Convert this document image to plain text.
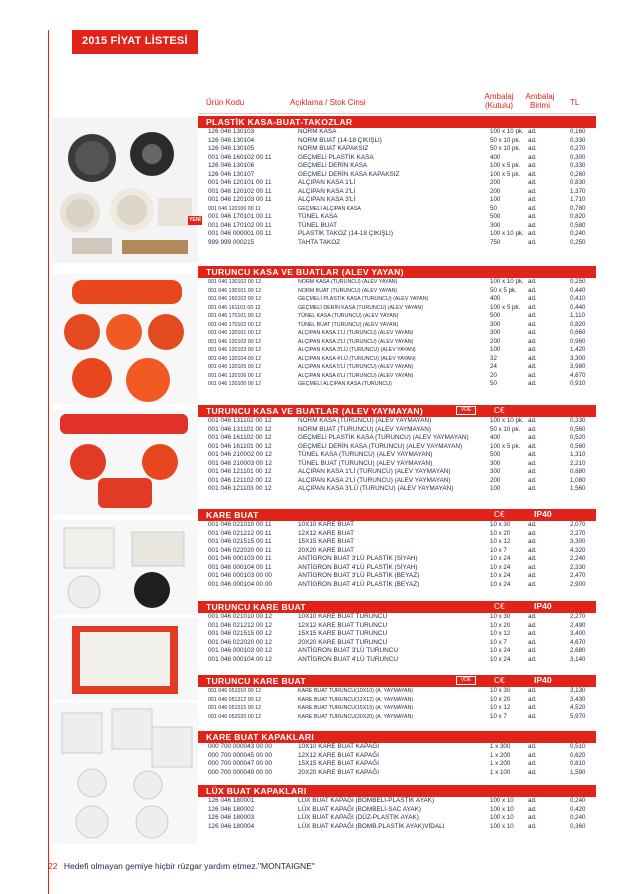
2015 FİYAT LİSTESİ
Ürün Kodu	Açıklama / Stok Cinsi
Ambalaj (Kutulu)
Ambalaj Birimi	TL
YENİ
PLASTİK KASA-BUAT-TAKOZLAR
126 046 130103	NORM KASA	100 x 10 pk. ad.	0,160
126 046 130104	NORM BUAT (14-18 ÇIKIŞLI)	50 x 10 pk. ad.	0,330
126 046 130105	NORM BUAT KAPAKSIZ	50 x 10 pk. ad.	0,270
001 046 160102 00 11	GEÇMELİ PLASTİK KASA	400	ad.	0,300
126 046 130106	GEÇMELİ DERİN KASA	100 x 5 pk. ad.	0,330
126 046 130107	GEÇMELİ DERİN KASA KAPAKSIZ	100 x 5 pk. ad.	0,260
001 046 120101 00 11	ALÇIPAN KASA 1'Lİ	200	ad.	0,830
001 046 120102 00 11	ALÇIPAN KASA 2'Lİ	200	ad.	1,370
001 046 120103 00 11	ALÇIPAN KASA 3'Lİ	100	ad.	1,710
001 046 120100 00 11	GEÇMELİ ALÇIPAN KASA	50	ad.	0,780
001 046 170101 00 11	TÜNEL KASA	500	ad.	0,820
001 046 170102 00 11	TÜNEL BUAT	300	ad.	0,580
001 046 000001 00 11	PLASTİK TAKOZ (14-18 ÇIKIŞLI)	100 x 10 pk. ad.	0,240
999 999 000215	TAHTA TAKOZ	750	ad.	0,250
TURUNCU KASA VE BUATLAR (ALEV YAYAN)
001 046 130102 00 12	NORM KASA (TURUNCU) (ALEV YAYAN)	100 x 10 pk. ad.	0,250
001 046 130101 00 12	NORM BUAT (TURUNCU) (ALEV YAYAN)	50 x 5 pk. ad.	0,440
001 046 160102 00 12	GEÇMELİ PLASTİK KASA (TURUNCU) (ALEV YAYAN)	400	ad.	0,410
001 046 161101 00 12	GEÇMELİ DERİN KASA (TURUNCU) (ALEV YAYAN)	100 x 5 pk. ad.	0,440
001 046 170101 00 12	TÜNEL KASA (TURUNCU) (ALEV YAYAN)	500	ad.	1,110
001 046 170102 00 12	TÜNEL BUAT (TURUNCU) (ALEV YAYAN)	300	ad.	0,820
001 046 120101 00 12	ALÇIPAN KASA 1'Lİ (TURUNCU) (ALEV YAYAN)	300	ad.	0,660
001 046 120102 00 12	ALÇIPAN KASA 2'Lİ (TURUNCU) (ALEV YAYAN)	200	ad.	0,960
001 046 120103 00 12	ALÇIPAN KASA 3'LÜ (TURUNCU) (ALEV YAYAN)	100	ad.	1,420
001 046 120104 00 12	ALÇIPAN KASA 4'LÜ (TURUNCU) (ALEV YAYAN)	32	ad.	3,300
001 046 120105 00 12	ALÇIPAN KASA 5'Lİ (TURUNCU) (ALEV YAYAN)	24	ad.	3,980
001 046 120106 00 12	ALÇIPAN KASA 6'LI (TURUNCU) (ALEV YAYAN)	20	ad.	4,670
001 046 120100 00 12	GEÇMELİ ALÇIPAN KASA (TURUNCU)	50	ad.	0,910
TURUNCU KASA VE BUATLAR (ALEV YAYMAYAN)	VDE	C€
001 046 131102 00 12	NORM KASA (TURUNCU) (ALEV YAYMAYAN)	100 x 10 pk. ad.	0,330
001 046 131101 00 12	NORM BUAT (TURUNCU) (ALEV YAYMAYAN)	50 x 10 pk. ad.	0,560
001 046 161102 00 12	GEÇMELİ PLASTİK KASA (TURUNCU) (ALEV YAYMAYAN)	400	ad.	0,520
001 046 161101 00 12	GEÇMELİ DERİN KASA (TURUNCU) (ALEV YAYMAYAN)	100 x 5 pk. ad.	0,560
001 046 210002 00 12	TÜNEL KASA (TURUNCU) (ALEV YAYMAYAN)	500	ad.	1,310
001 046 210003 00 12	TÜNEL BUAT (TURUNCU) (ALEV YAYMAYAN)	300	ad.	2,210
001 046 121101 00 12	ALÇIPAN KASA 1'Lİ (TURUNCU) (ALEV YAYMAYAN)	300	ad.	0,880
001 046 121102 00 12	ALÇIPAN KASA 2'Lİ (TURUNCU) (ALEV YAYMAYAN)	200	ad.	1,080
001 046 121103 00 12	ALÇIPAN KASA 3'LÜ (TURUNCU) (ALEV YAYMAYAN)	100	ad.	1,560
KARE BUAT	C€	IP40
001 046 021010 00 11	10X10 KARE BUAT	10 x 30	ad.	2,070
001 046 021212 00 11	12X12 KARE BUAT	10 x 20	ad.	2,270
001 046 021515 00 11	15X15 KARE BUAT	10 x 12	ad.	3,300
001 046 022020 00 11	20X20 KARE BUAT	10 x 7	ad.	4,320
001 046 000103 00 11	ANTİGRON BUAT 3'LÜ PLASTİK (SİYAH)	10 x 24	ad.	2,240
001 046 000104 00 11	ANTİGRON BUAT 4'LÜ PLASTİK (SİYAH)	10 x 24	ad.	2,330
001 046 000103 00 00	ANTİGRON BUAT 3'LÜ PLASTİK (BEYAZ)	10 x 24	ad.	2,470
001 046 000104 00 00	ANTİGRON BUAT 4'LÜ PLASTİK (BEYAZ)	10 x 24	ad.	2,900
TURUNCU KARE BUAT	C€	IP40
001 046 021010 00 12	10X10 KARE BUAT TURUNCU	10 x 30	ad.	2,270
001 046 021212 00 12	12X12 KARE BUAT TURUNCU	10 x 20	ad.	2,490
001 046 021515 00 12	15X15 KARE BUAT TURUNCU	10 x 12	ad.	3,400
001 046 022020 00 12	20X20 KARE BUAT TURUNCU	10 x 7	ad.	4,670
001 046 000103 00 12	ANTİGRON BUAT 3'LÜ TURUNCU	10 x 24	ad.	2,680
001 046 000104 00 12	ANTİGRON BUAT 4'LÜ TURUNCU	10 x 24	ad.	3,140
TURUNCU KARE BUAT	VDE	C€	IP40
001 046 051010 00 12	KARE BUAT TURUNCU(10X10) (A. YAYMAYAN)	10 x 30	ad.	3,130
001 046 051212 00 12	KARE BUAT TURUNCU(12X12) (A. YAYMAYAN)	10 x 20	ad.	3,430
001 046 051515 00 12	KARE BUAT TURUNCU(15X15) (A. YAYMAYAN)	10 x 12	ad.	4,520
001 046 052020 00 12	KARE BUAT TURUNCU(20X20) (A. YAYMAYAN)	10 x 7	ad.	5,970
KARE BUAT KAPAKLARI
000 700 000043 00 00	10X10 KARE BUAT KAPAĞI	1 x 300	ad.	0,510
000 700 000045 00 00	12X12 KARE BUAT KAPAĞI	1 x 200	ad.	0,620
000 700 000047 00 00	15X15 KARE BUAT KAPAĞI	1 x 200	ad.	0,810
000 700 000049 00 00	20X20 KARE BUAT KAPAĞI	1 x 100	ad.	1,590
LÜX BUAT KAPAKLARI
126 046 180001	LÜX BUAT KAPAĞI (BOMBELİ-PLASTİK AYAK)	100 x 10 ad.	0,240
126 046 180002	LÜX BUAT KAPAĞI (BOMBELİ-SAC AYAK)	100 x 10 ad.	0,420
126 046 180003	LÜX BUAT KAPAĞI (DÜZ-PLASTİK AYAK)	100 x 10 ad.	0,240
126 046 180004	LÜX BUAT KAPAĞI (BOMB.PLASTİK AYAK)VİDALI	100 x 10 ad.	0,360
22 Hedefi olmayan gemiye hiçbir rüzgar yardım etmez."MONTAIGNE"
